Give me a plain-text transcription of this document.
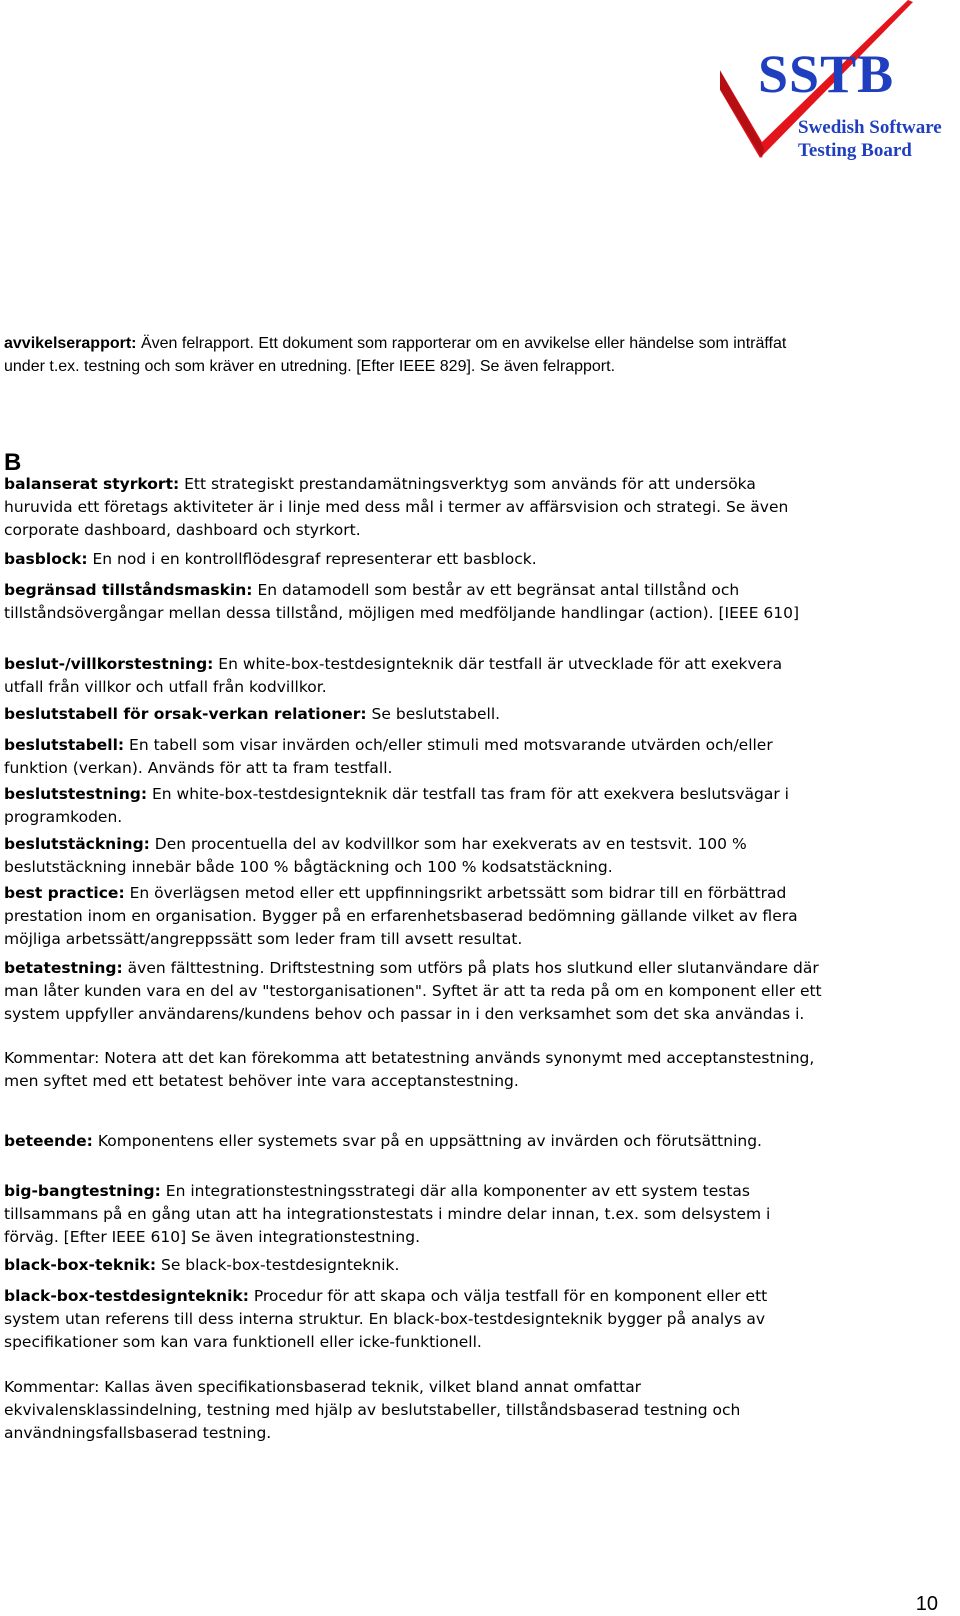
SSTB
Swedish Software
Testing Board
avvikelserapport: Även felrapport. Ett dokument som rapporterar om en avvikelse eller händelse som inträffat under t.ex. testning och som kräver en utredning. [Efter IEEE 829]. Se även felrapport.
B
balanserat styrkort: Ett strategiskt prestandamätningsverktyg som används för att undersöka huruvida ett företags aktiviteter är i linje med dess mål i termer av affärsvision och strategi. Se även corporate dashboard, dashboard och styrkort.
basblock: En nod i en kontrollflödesgraf representerar ett basblock.
begränsad tillståndsmaskin: En datamodell som består av ett begränsat antal tillstånd och tillståndsövergångar mellan dessa tillstånd, möjligen med medföljande handlingar (action). [IEEE 610]
beslut-/villkorstestning: En white-box-testdesignteknik där testfall är utvecklade för att exekvera utfall från villkor och utfall från kodvillkor.
beslutstabell för orsak-verkan relationer: Se beslutstabell.
beslutstabell: En tabell som visar invärden och/eller stimuli med motsvarande utvärden och/eller funktion (verkan). Används för att ta fram testfall.
beslutstestning: En white-box-testdesignteknik där testfall tas fram för att exekvera beslutsvägar i programkoden.
beslutstäckning: Den procentuella del av kodvillkor som har exekverats av en testsvit. 100 % beslutstäckning innebär både 100 % bågtäckning och 100 % kodsatstäckning.
best practice: En överlägsen metod eller ett uppfinningsrikt arbetssätt som bidrar till en förbättrad prestation inom en organisation. Bygger på en erfarenhetsbaserad bedömning gällande vilket av flera möjliga arbetssätt/angreppssätt som leder fram till avsett resultat.
betatestning: även fälttestning. Driftstestning som utförs på plats hos slutkund eller slutanvändare där man låter kunden vara en del av "testorganisationen". Syftet är att ta reda på om en komponent eller ett system uppfyller användarens/kundens behov och passar in i den verksamhet som det ska användas i.
Kommentar: Notera att det kan förekomma att betatestning används synonymt med acceptanstestning, men syftet med ett betatest behöver inte vara acceptanstestning.
beteende: Komponentens eller systemets svar på en uppsättning av invärden och förutsättning.
big-bangtestning: En integrationstestningsstrategi där alla komponenter av ett system testas tillsammans på en gång utan att ha integrationstestats i mindre delar innan, t.ex. som delsystem i förväg. [Efter IEEE 610] Se även integrationstestning.
black-box-teknik: Se black-box-testdesignteknik.
black-box-testdesignteknik: Procedur för att skapa och välja testfall för en komponent eller ett system utan referens till dess interna struktur. En black-box-testdesignteknik bygger på analys av specifikationer som kan vara funktionell eller icke-funktionell.
Kommentar: Kallas även specifikationsbaserad teknik, vilket bland annat omfattar ekvivalensklassindelning, testning med hjälp av beslutstabeller, tillståndsbaserad testning och användningsfallsbaserad testning.
10
